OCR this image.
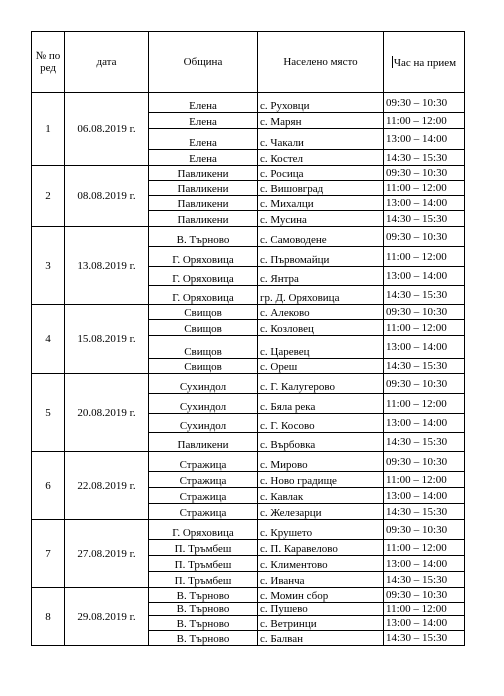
№ по ред	дата	Община	Населено място	Час на прием
1	06.08.2019 г.	Елена	с. Руховци	09:30 – 10:30
		Елена	с. Марян	11:00 – 12:00
		Елена	с. Чакали	13:00 – 14:00
		Елена	с. Костел	14:30 – 15:30
2	08.08.2019 г.	Павликени	с. Росица	09:30 – 10:30
		Павликени	с. Вишовград	11:00 – 12:00
		Павликени	с. Михалци	13:00 – 14:00
		Павликени	с. Мусина	14:30 – 15:30
3	13.08.2019 г.	В. Търново	с. Самоводене	09:30 – 10:30
		Г. Оряховица	с. Първомайци	11:00 – 12:00
		Г. Оряховица	с. Янтра	13:00 – 14:00
		Г. Оряховица	гр. Д. Оряховица	14:30 – 15:30
4	15.08.2019 г.	Свищов	с. Алеково	09:30 – 10:30
		Свищов	с. Козловец	11:00 – 12:00
		Свищов	с. Царевец	13:00 – 14:00
		Свищов	с. Ореш	14:30 – 15:30
5	20.08.2019 г.	Сухиндол	с. Г. Калугерово	09:30 – 10:30
		Сухиндол	с. Бяла река	11:00 – 12:00
		Сухиндол	с. Г. Косово	13:00 – 14:00
		Павликени	с. Върбовка	14:30 – 15:30
6	22.08.2019 г.	Стражица	с. Мирово	09:30 – 10:30
		Стражица	с. Ново градище	11:00 – 12:00
		Стражица	с. Кавлак	13:00 – 14:00
		Стражица	с. Железарци	14:30 – 15:30
7	27.08.2019 г.	Г. Оряховица	с. Крушето	09:30 – 10:30
		П. Тръмбеш	с. П. Каравелово	11:00 – 12:00
		П. Тръмбеш	с. Климентово	13:00 – 14:00
		П. Тръмбеш	с. Иванча	14:30 – 15:30
8	29.08.2019 г.	В. Търново	с. Момин сбор	09:30 – 10:30
		В. Търново	с. Пушево	11:00 – 12:00
		В. Търново	с. Ветринци	13:00 – 14:00
		В. Търново	с. Балван	14:30 – 15:30
